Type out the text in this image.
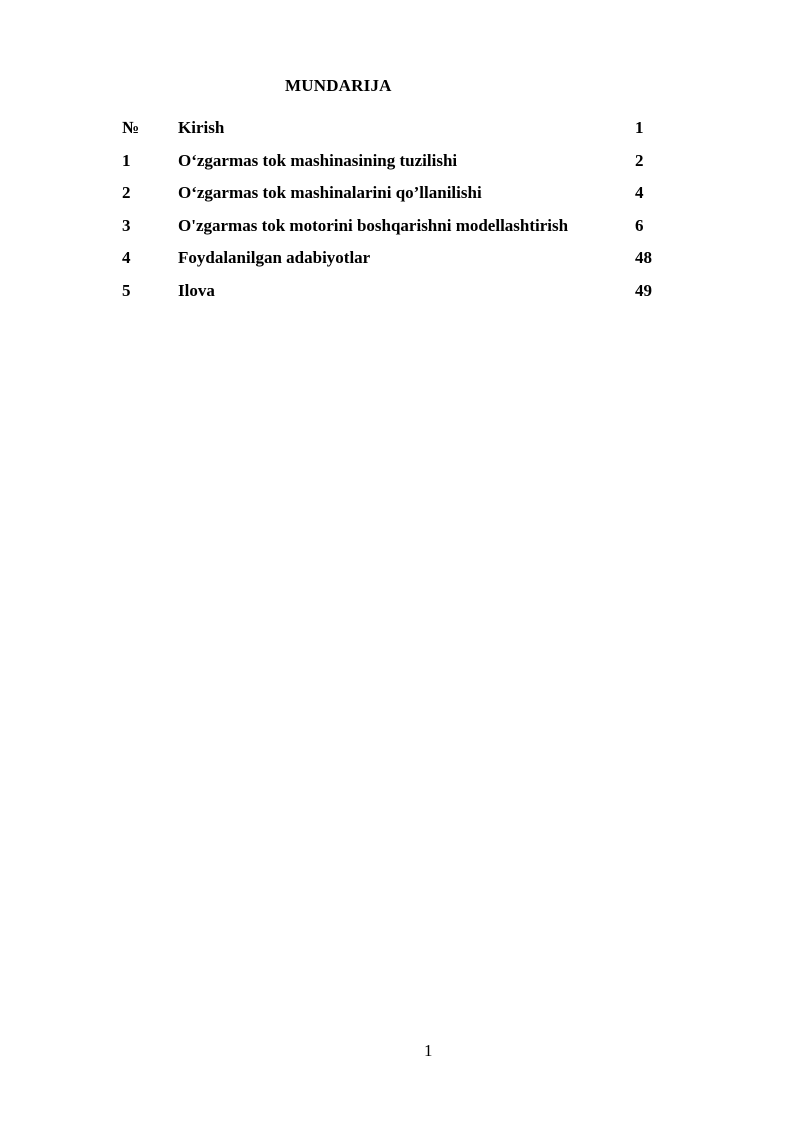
MUNDARIJA
№ Kirish	1
1	O‘zgarmas tok mashinasining tuzilishi	2
2	O‘zgarmas tok mashinalarini qo’llanilishi	4
3	O'zgarmas tok motorini boshqarishni modellashtirish	6
4	Foydalanilgan adabiyotlar	48
5	Ilova	49
1
